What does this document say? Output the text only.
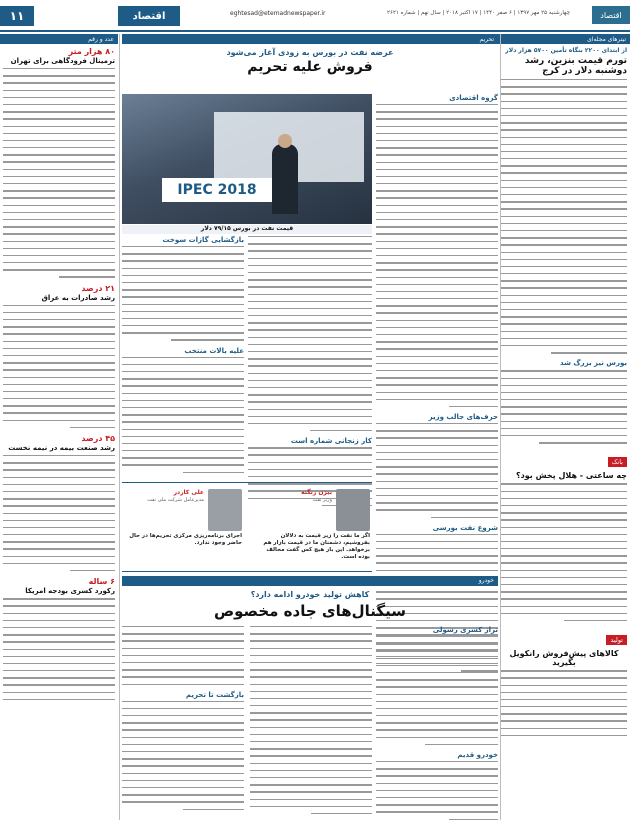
اقتصاد
چهارشنبه ۲۵ مهر ۱۳۹۷ | ۶ صفر ۱۴۴۰ | ۱۷ اکتبر ۲۰۱۸ | سال نهم | شماره ۲۶۲۱
eghtesad@etemadnewspaper.ir
اقتصاد
۱۱
تیترهای مجله‌ای
از ابتدای ۲۲۰۰ بنگاه تأمین ۵۷۰۰ هزار دلار
تورم قیمت بنزین، رشد دوشنبه دلار در کرج
بورس نیز بزرگ شد
بانک
چه ساعتی - هلال پخش بود؟
تولید
کالاهای پیش‌فروش رانکویل بگیرید
تحریم
عرضه نفت در بورس به زودی آغاز می‌شود
فروش علیه تحریم
IPEC 2018
قیمت نفت در بورس ۷۹/۱۵ دلار
بازگشایی گازات سوخت
علیه بالات منتخب
گروه اقتصادی
حرف‌های جالب وزیر
شروع نفت بورسی
کار زنجانی شماره است
بیژن زنگنه
وزیر نفت
اگر ما نفت را زیر قیمت به دلالان بفروشیم، دشمنان ما در قیمت بازار هم برخواهد. این بار هیچ کس گفت مخالف بوده است.
علی کاردر
مدیرعامل شرکت ملی نفت
اجرای برنامه‌ریزی مرکزی تحریم‌ها در حال حاضر وجود ندارد.
خودرو
کاهش تولید خودرو ادامه دارد؟
سیگنال‌های جاده مخصوص
تراز کسری رسولی
خودرو قدیم
بازگشت تا تحریم
عدد و رقم
۸۰ هزار متر
ترمینال فرودگاهی برای تهران
۲۱ درصد
رشد صادرات به عراق
۴۵ درصد
رشد صنعت بیمه در نیمه نخست
۶ ساله
رکورد کسری بودجه امریکا
